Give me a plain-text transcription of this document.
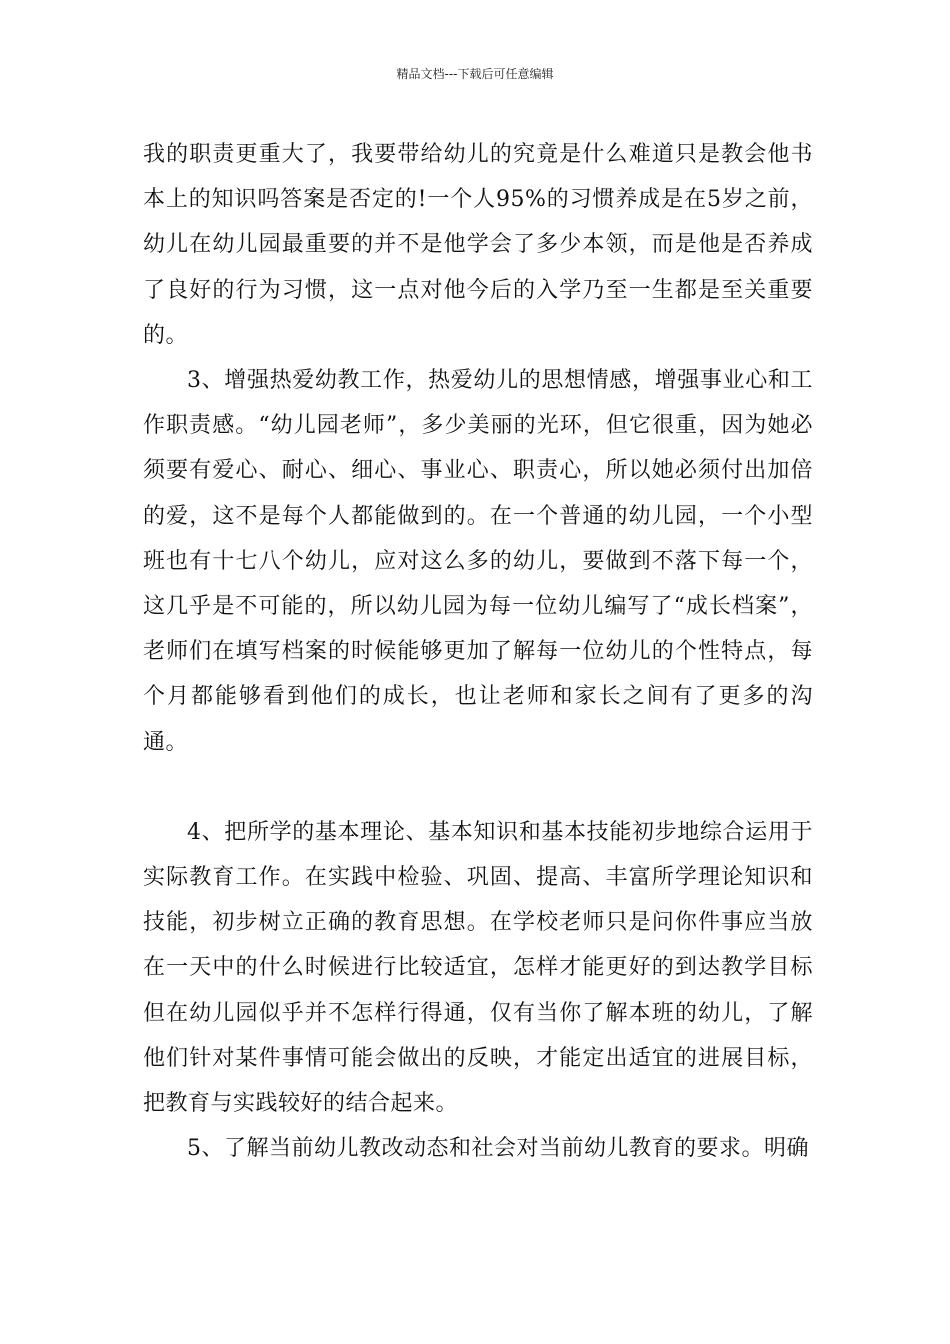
精品文档---下载后可任意编辑

我的职责更重大了，我要带给幼儿的究竟是什么难道只是教会他书本上的知识吗答案是否定的!一个人95%的习惯养成是在5岁之前，幼儿在幼儿园最重要的并不是他学会了多少本领，而是他是否养成了良好的行为习惯，这一点对他今后的入学乃至一生都是至关重要的。

3、增强热爱幼教工作，热爱幼儿的思想情感，增强事业心和工作职责感。“幼儿园老师”，多少美丽的光环，但它很重，因为她必须要有爱心、耐心、细心、事业心、职责心，所以她必须付出加倍的爱，这不是每个人都能做到的。在一个普通的幼儿园，一个小型班也有十七八个幼儿，应对这么多的幼儿，要做到不落下每一个，这几乎是不可能的，所以幼儿园为每一位幼儿编写了“成长档案”，老师们在填写档案的时候能够更加了解每一位幼儿的个性特点，每个月都能够看到他们的成长，也让老师和家长之间有了更多的沟通。

4、把所学的基本理论、基本知识和基本技能初步地综合运用于实际教育工作。在实践中检验、巩固、提高、丰富所学理论知识和技能，初步树立正确的教育思想。在学校老师只是问你件事应当放在一天中的什么时候进行比较适宜，怎样才能更好的到达教学目标但在幼儿园似乎并不怎样行得通，仅有当你了解本班的幼儿，了解他们针对某件事情可能会做出的反映，才能定出适宜的进展目标，把教育与实践较好的结合起来。

5、了解当前幼儿教改动态和社会对当前幼儿教育的要求。明确
